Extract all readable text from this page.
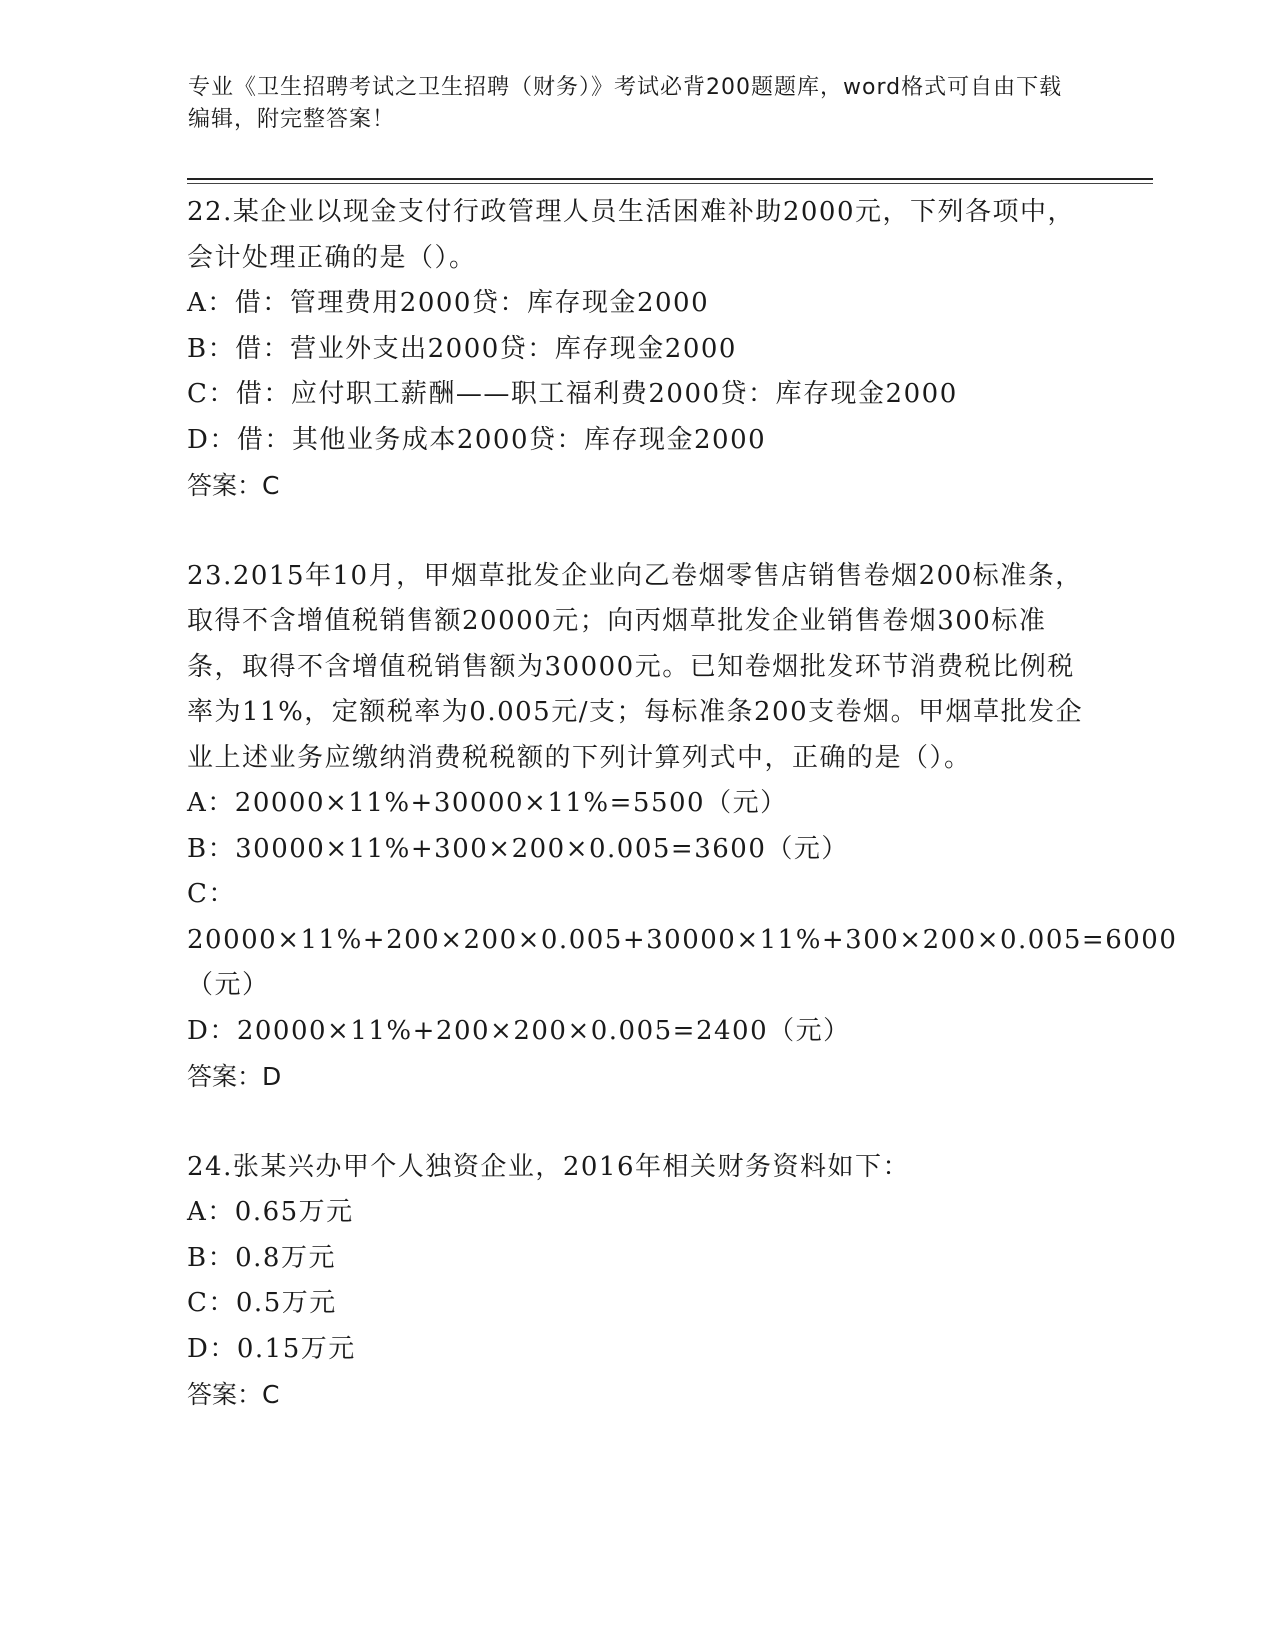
专业《卫生招聘考试之卫生招聘（财务）》考试必背200题题库，word格式可自由下载编辑，附完整答案！

22.某企业以现金支付行政管理人员生活困难补助2000元，下列各项中，会计处理正确的是（）。

A：借：管理费用2000贷：库存现金2000

B：借：营业外支出2000贷：库存现金2000

C：借：应付职工薪酬——职工福利费2000贷：库存现金2000

D：借：其他业务成本2000贷：库存现金2000

答案：C

23.2015年10月，甲烟草批发企业向乙卷烟零售店销售卷烟200标准条，取得不含增值税销售额20000元；向丙烟草批发企业销售卷烟300标准条，取得不含增值税销售额为30000元。已知卷烟批发环节消费税比例税率为11%，定额税率为0.005元/支；每标准条200支卷烟。甲烟草批发企业上述业务应缴纳消费税税额的下列计算列式中，正确的是（）。

A：20000×11%+30000×11%=5500（元）

B：30000×11%+300×200×0.005=3600（元）

C：20000×11%+200×200×0.005+30000×11%+300×200×0.005=6000（元）

D：20000×11%+200×200×0.005=2400（元）

答案：D

24.张某兴办甲个人独资企业，2016年相关财务资料如下：

A：0.65万元

B：0.8万元

C：0.5万元

D：0.15万元

答案：C
